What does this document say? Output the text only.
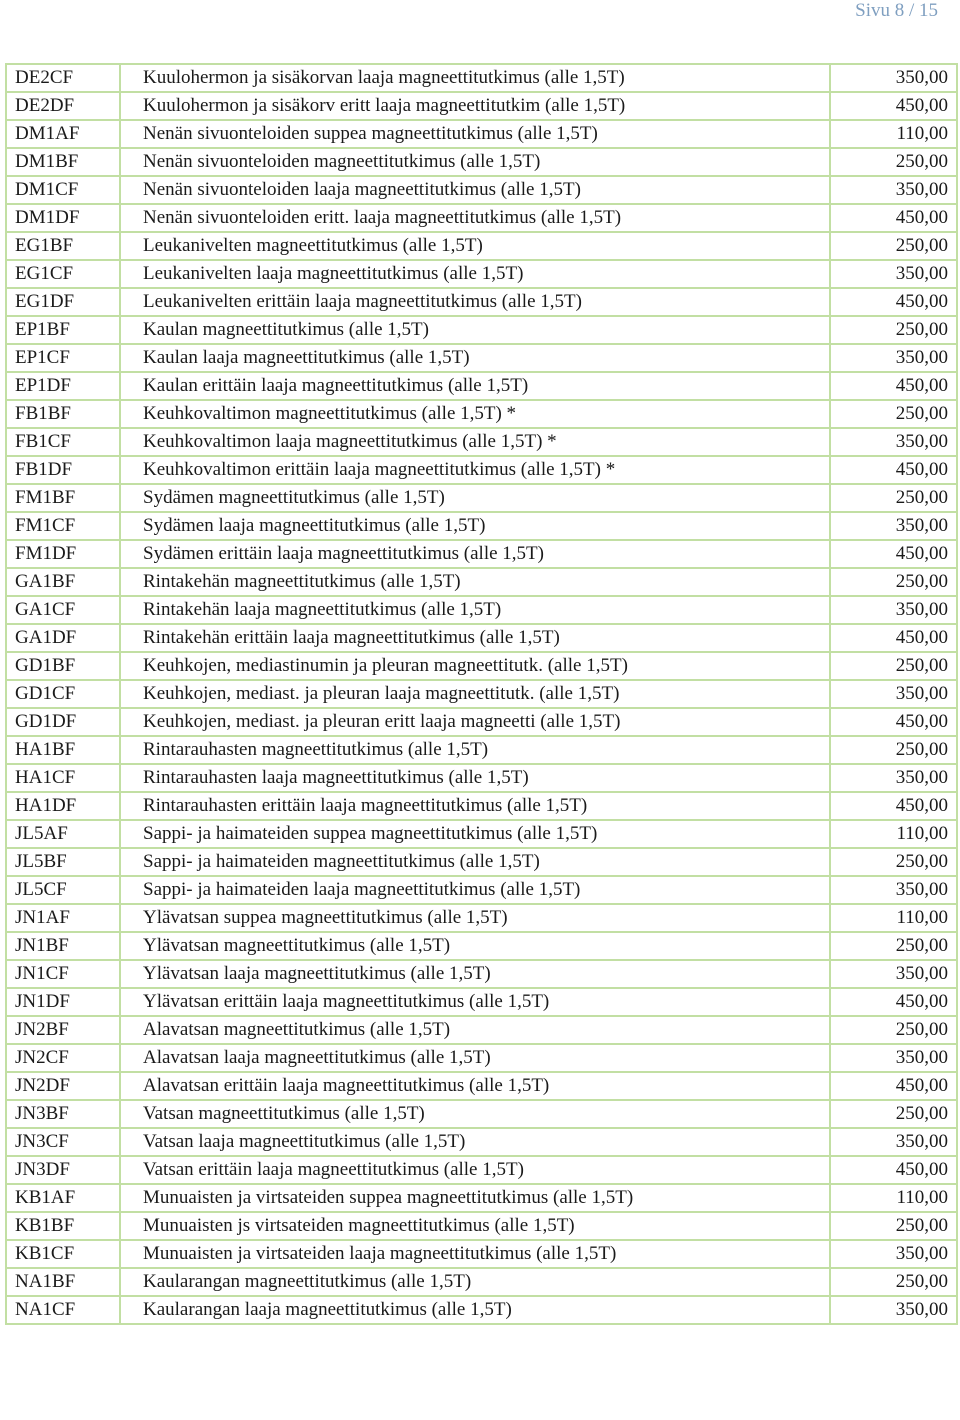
Sivu 8 / 15
DE2CF	Kuulohermon ja sisäkorvan laaja magneettitutkimus (alle 1,5T)	350,00
DE2DF	Kuulohermon ja sisäkorv eritt laaja magneettitutkim (alle 1,5T)	450,00
DM1AF	Nenän sivuonteloiden suppea magneettitutkimus (alle 1,5T)	110,00
DM1BF	Nenän sivuonteloiden magneettitutkimus (alle 1,5T)	250,00
DM1CF	Nenän sivuonteloiden laaja magneettitutkimus (alle 1,5T)	350,00
DM1DF	Nenän sivuonteloiden eritt. laaja magneettitutkimus (alle 1,5T)	450,00
EG1BF	Leukanivelten magneettitutkimus (alle 1,5T)	250,00
EG1CF	Leukanivelten laaja magneettitutkimus (alle 1,5T)	350,00
EG1DF	Leukanivelten erittäin laaja magneettitutkimus (alle 1,5T)	450,00
EP1BF	Kaulan magneettitutkimus (alle 1,5T)	250,00
EP1CF	Kaulan laaja magneettitutkimus (alle 1,5T)	350,00
EP1DF	Kaulan erittäin laaja magneettitutkimus (alle 1,5T)	450,00
FB1BF	Keuhkovaltimon magneettitutkimus (alle 1,5T) *	250,00
FB1CF	Keuhkovaltimon laaja magneettitutkimus (alle 1,5T) *	350,00
FB1DF	Keuhkovaltimon erittäin laaja magneettitutkimus (alle 1,5T) *	450,00
FM1BF	Sydämen magneettitutkimus (alle 1,5T)	250,00
FM1CF	Sydämen laaja magneettitutkimus (alle 1,5T)	350,00
FM1DF	Sydämen erittäin laaja magneettitutkimus (alle 1,5T)	450,00
GA1BF	Rintakehän magneettitutkimus (alle 1,5T)	250,00
GA1CF	Rintakehän laaja magneettitutkimus (alle 1,5T)	350,00
GA1DF	Rintakehän erittäin laaja magneettitutkimus (alle 1,5T)	450,00
GD1BF	Keuhkojen, mediastinumin ja pleuran magneettitutk. (alle 1,5T)	250,00
GD1CF	Keuhkojen, mediast. ja pleuran laaja magneettitutk. (alle 1,5T)	350,00
GD1DF	Keuhkojen, mediast. ja pleuran eritt laaja magneetti (alle 1,5T)	450,00
HA1BF	Rintarauhasten magneettitutkimus (alle 1,5T)	250,00
HA1CF	Rintarauhasten laaja magneettitutkimus (alle 1,5T)	350,00
HA1DF	Rintarauhasten erittäin laaja magneettitutkimus (alle 1,5T)	450,00
JL5AF	Sappi- ja haimateiden suppea magneettitutkimus (alle 1,5T)	110,00
JL5BF	Sappi- ja haimateiden magneettitutkimus (alle 1,5T)	250,00
JL5CF	Sappi- ja haimateiden laaja magneettitutkimus (alle 1,5T)	350,00
JN1AF	Ylävatsan suppea magneettitutkimus (alle 1,5T)	110,00
JN1BF	Ylävatsan magneettitutkimus (alle 1,5T)	250,00
JN1CF	Ylävatsan laaja magneettitutkimus (alle 1,5T)	350,00
JN1DF	Ylävatsan erittäin laaja magneettitutkimus (alle 1,5T)	450,00
JN2BF	Alavatsan magneettitutkimus (alle 1,5T)	250,00
JN2CF	Alavatsan laaja magneettitutkimus (alle 1,5T)	350,00
JN2DF	Alavatsan erittäin laaja magneettitutkimus (alle 1,5T)	450,00
JN3BF	Vatsan magneettitutkimus (alle 1,5T)	250,00
JN3CF	Vatsan laaja magneettitutkimus (alle 1,5T)	350,00
JN3DF	Vatsan erittäin laaja magneettitutkimus (alle 1,5T)	450,00
KB1AF	Munuaisten ja virtsateiden suppea magneettitutkimus (alle 1,5T)	110,00
KB1BF	Munuaisten js virtsateiden magneettitutkimus (alle 1,5T)	250,00
KB1CF	Munuaisten ja virtsateiden laaja magneettitutkimus (alle 1,5T)	350,00
NA1BF	Kaularangan magneettitutkimus (alle 1,5T)	250,00
NA1CF	Kaularangan laaja magneettitutkimus (alle 1,5T)	350,00
